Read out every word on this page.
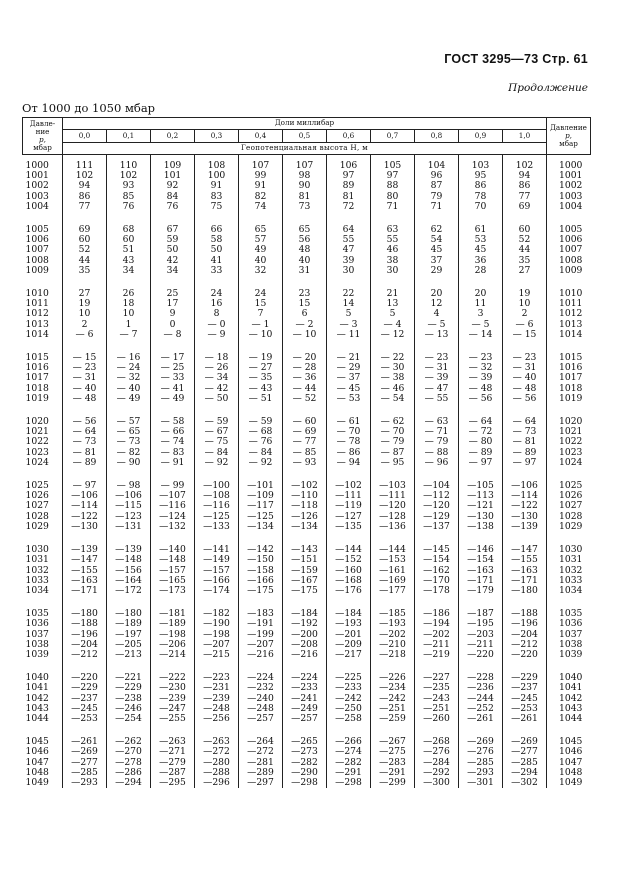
ГОСТ 3295—73 Стр. 61
Продолжение
От 1000 до 1050 мбар
Давле-
ние
p,
мбар	Доли миллибар											Давление
p,
мбар
	0,0	0,1	0,2	0,3	0,4	0,5	0,6	0,7	0,8	0,9	1,0	
	Геопотенциальная высота H, м											

1000	111	110	109	108	107	107	106	105	104	103	102	1000
1001	102	102	101	100	99	98	97	97	96	95	94	1001
1002	94	93	92	91	91	90	89	88	87	86	86	1002
1003	86	85	84	83	82	81	81	80	79	78	77	1003
1004	77	76	76	75	74	73	72	71	71	70	69	1004

1005	69	68	67	66	65	65	64	63	62	61	60	1005
1006	60	60	59	58	57	56	55	55	54	53	52	1006
1007	52	51	50	50	49	48	47	46	45	45	44	1007
1008	44	43	42	41	40	40	39	38	37	36	35	1008
1009	35	34	34	33	32	31	30	30	29	28	27	1009

1010	27	26	25	24	24	23	22	21	20	20	19	1010
1011	19	18	17	16	15	15	14	13	12	11	10	1011
1012	10	10	9	8	7	6	5	5	4	3	2	1012
1013	2	1	0	— 0	— 1	— 2	— 3	— 4	— 5	— 5	— 6	1013
1014	— 6	— 7	— 8	— 9	— 10	— 10	— 11	— 12	— 13	— 14	— 15	1014

1015	— 15	— 16	— 17	— 18	— 19	— 20	— 21	— 22	— 23	— 23	— 23	1015
1016	— 23	— 24	— 25	— 26	— 27	— 28	— 29	— 30	— 31	— 32	— 31	1016
1017	— 31	— 32	— 33	— 34	— 35	— 36	— 37	— 38	— 39	— 39	— 40	1017
1018	— 40	— 40	— 41	— 42	— 43	— 44	— 45	— 46	— 47	— 48	— 48	1018
1019	— 48	— 49	— 49	— 50	— 51	— 52	— 53	— 54	— 55	— 56	— 56	1019

1020	— 56	— 57	— 58	— 59	— 59	— 60	— 61	— 62	— 63	— 64	— 64	1020
1021	— 64	— 65	— 66	— 67	— 68	— 69	— 70	— 70	— 71	— 72	— 73	1021
1022	— 73	— 73	— 74	— 75	— 76	— 77	— 78	— 79	— 79	— 80	— 81	1022
1023	— 81	— 82	— 83	— 84	— 84	— 85	— 86	— 87	— 88	— 89	— 89	1023
1024	— 89	— 90	— 91	— 92	— 92	— 93	— 94	— 95	— 96	— 97	— 97	1024

1025	— 97	— 98	— 99	—100	—101	—102	—102	—103	—104	—105	—106	1025
1026	—106	—106	—107	—108	—109	—110	—111	—111	—112	—113	—114	1026
1027	—114	—115	—116	—116	—117	—118	—119	—120	—120	—121	—122	1027
1028	—122	—123	—124	—125	—125	—126	—127	—128	—129	—130	—130	1028
1029	—130	—131	—132	—133	—134	—134	—135	—136	—137	—138	—139	1029

1030	—139	—139	—140	—141	—142	—143	—144	—144	—145	—146	—147	1030
1031	—147	—148	—148	—149	—150	—151	—152	—153	—154	—154	—155	1031
1032	—155	—156	—157	—157	—158	—159	—160	—161	—162	—163	—163	1032
1033	—163	—164	—165	—166	—166	—167	—168	—169	—170	—171	—171	1033
1034	—171	—172	—173	—174	—175	—175	—176	—177	—178	—179	—180	1034

1035	—180	—180	—181	—182	—183	—184	—184	—185	—186	—187	—188	1035
1036	—188	—189	—189	—190	—191	—192	—193	—193	—194	—195	—196	1036
1037	—196	—197	—198	—198	—199	—200	—201	—202	—202	—203	—204	1037
1038	—204	—205	—206	—207	—207	—208	—209	—210	—211	—211	—212	1038
1039	—212	—213	—214	—215	—216	—216	—217	—218	—219	—220	—220	1039

1040	—220	—221	—222	—223	—224	—224	—225	—226	—227	—228	—229	1040
1041	—229	—229	—230	—231	—232	—233	—233	—234	—235	—236	—237	1041
1042	—237	—238	—239	—239	—240	—241	—242	—242	—243	—244	—245	1042
1043	—245	—246	—247	—248	—248	—249	—250	—251	—251	—252	—253	1043
1044	—253	—254	—255	—256	—257	—257	—258	—259	—260	—261	—261	1044

1045	—261	—262	—263	—263	—264	—265	—266	—267	—268	—269	—269	1045
1046	—269	—270	—271	—272	—272	—273	—274	—275	—276	—276	—277	1046
1047	—277	—278	—279	—280	—281	—282	—282	—283	—284	—285	—285	1047
1048	—285	—286	—287	—288	—289	—290	—291	—291	—292	—293	—294	1048
1049	—293	—294	—295	—296	—297	—298	—298	—299	—300	—301	—302	1049
